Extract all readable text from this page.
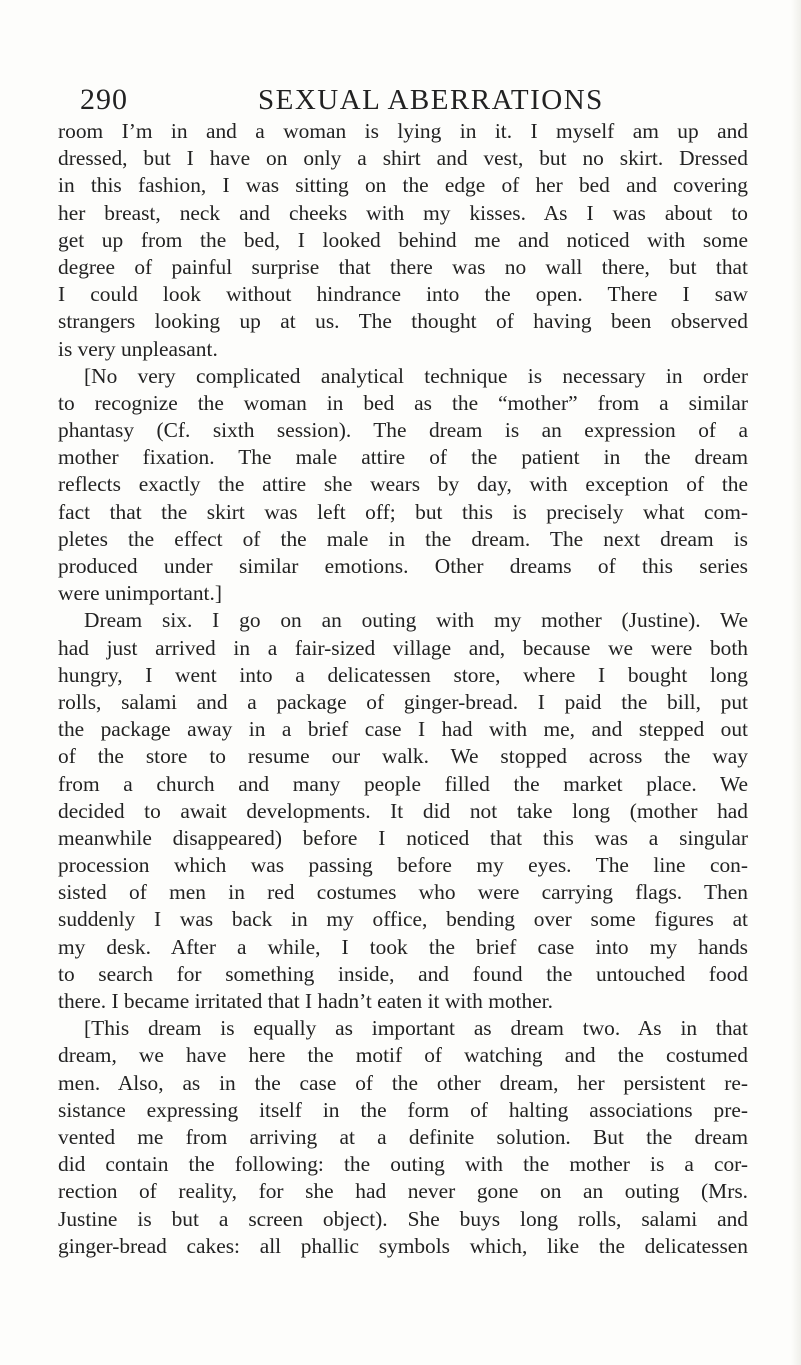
290	SEXUAL ABERRATIONS
room I’m in and a woman is lying in it. I myself am up and
dressed, but I have on only a shirt and vest, but no skirt. Dressed
in this fashion, I was sitting on the edge of her bed and covering
her breast, neck and cheeks with my kisses. As I was about to
get up from the bed, I looked behind me and noticed with some
degree of painful surprise that there was no wall there, but that
I could look without hindrance into the open. There I saw
strangers looking up at us. The thought of having been observed
is very unpleasant.
[No very complicated analytical technique is necessary in order
to recognize the woman in bed as the “mother” from a similar
phantasy (Cf. sixth session). The dream is an expression of a
mother fixation. The male attire of the patient in the dream
reflects exactly the attire she wears by day, with exception of the
fact that the skirt was left off; but this is precisely what com-
pletes the effect of the male in the dream. The next dream is
produced under similar emotions. Other dreams of this series
were unimportant.]
Dream six. I go on an outing with my mother (Justine). We
had just arrived in a fair-sized village and, because we were both
hungry, I went into a delicatessen store, where I bought long
rolls, salami and a package of ginger-bread. I paid the bill, put
the package away in a brief case I had with me, and stepped out
of the store to resume our walk. We stopped across the way
from a church and many people filled the market place. We
decided to await developments. It did not take long (mother had
meanwhile disappeared) before I noticed that this was a singular
procession which was passing before my eyes. The line con-
sisted of men in red costumes who were carrying flags. Then
suddenly I was back in my office, bending over some figures at
my desk. After a while, I took the brief case into my hands
to search for something inside, and found the untouched food
there. I became irritated that I hadn’t eaten it with mother.
[This dream is equally as important as dream two. As in that
dream, we have here the motif of watching and the costumed
men. Also, as in the case of the other dream, her persistent re-
sistance expressing itself in the form of halting associations pre-
vented me from arriving at a definite solution. But the dream
did contain the following: the outing with the mother is a cor-
rection of reality, for she had never gone on an outing (Mrs.
Justine is but a screen object). She buys long rolls, salami and
ginger-bread cakes: all phallic symbols which, like the delicatessen
